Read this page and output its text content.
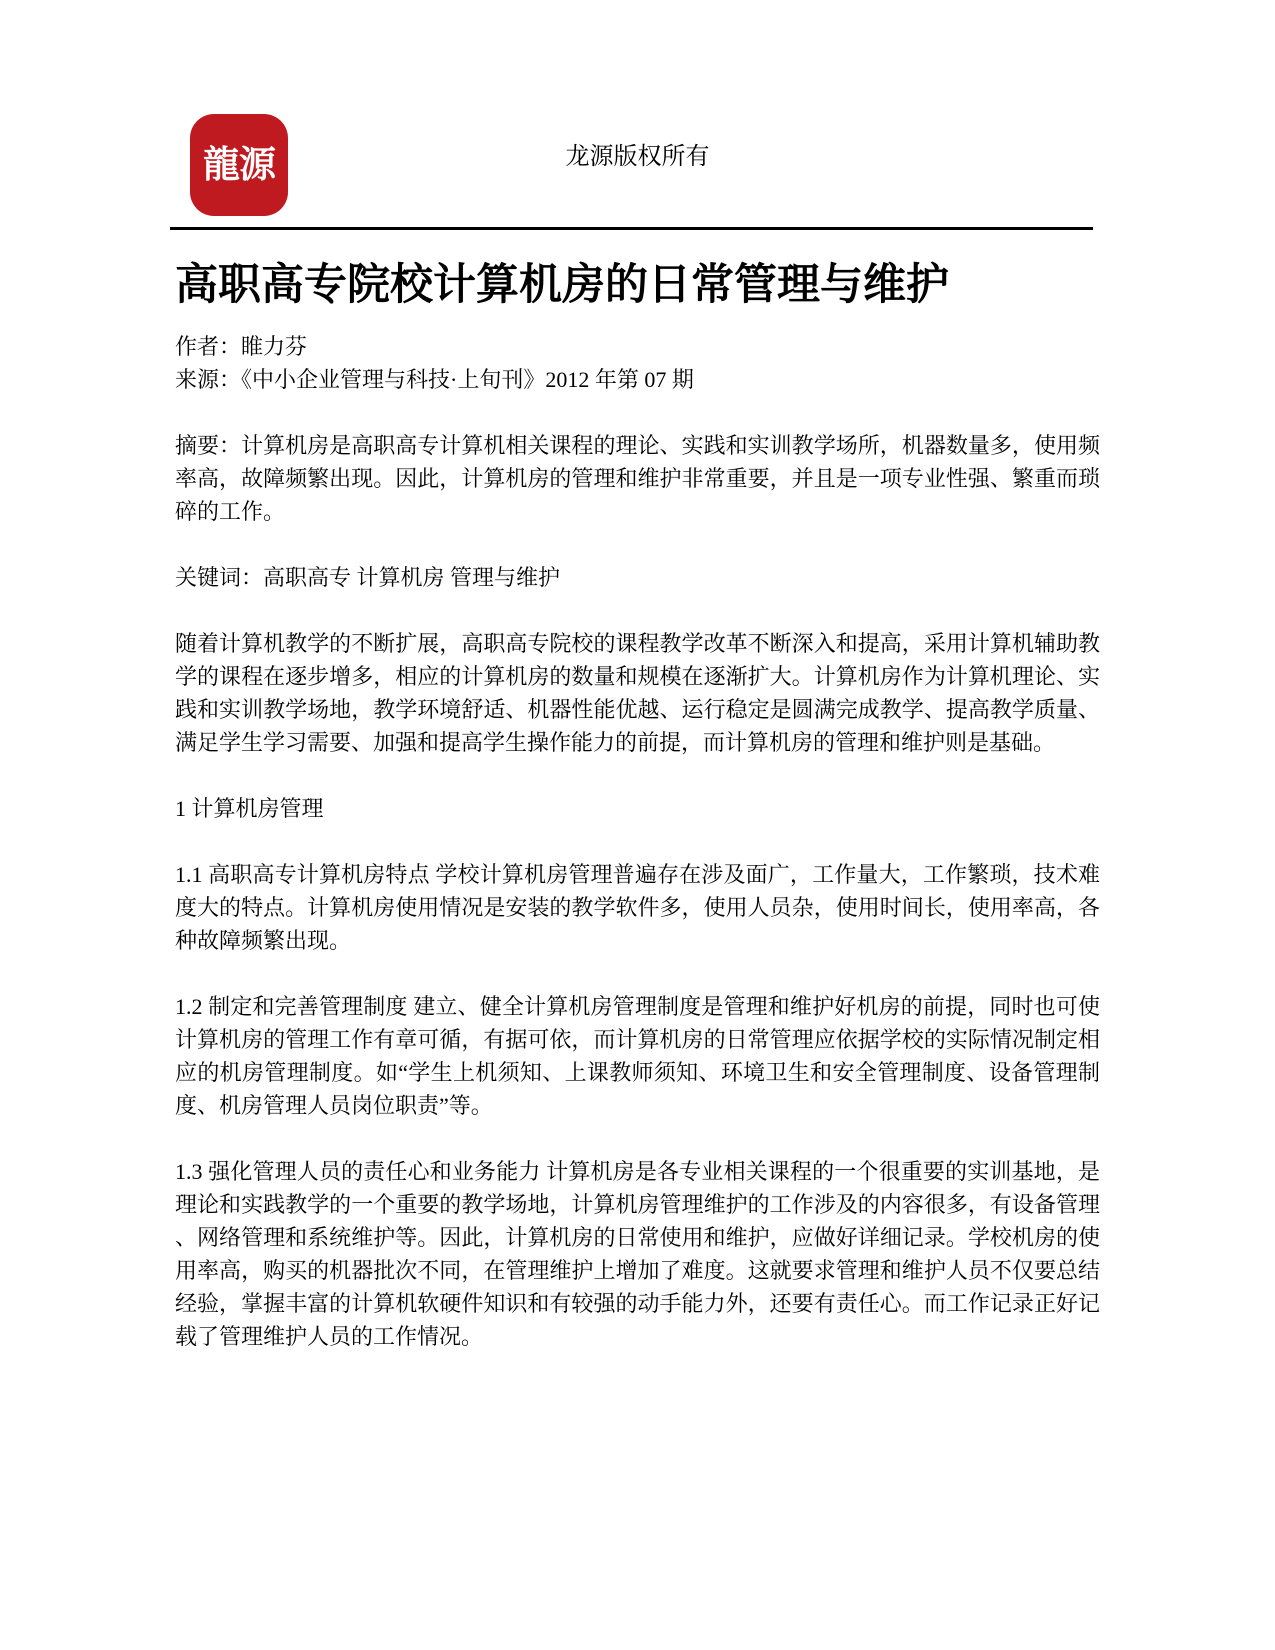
龍源	龙源版权所有
高职高专院校计算机房的日常管理与维护

作者：睢力芬

来源：《中小企业管理与科技·上旬刊》2012 年第 07 期

摘要：计算机房是高职高专计算机相关课程的理论、实践和实训教学场所，机器数量多，使用频率高，故障频繁出现。因此，计算机房的管理和维护非常重要，并且是一项专业性强、繁重而琐碎的工作。

关键词：高职高专 计算机房 管理与维护

随着计算机教学的不断扩展，高职高专院校的课程教学改革不断深入和提高，采用计算机辅助教学的课程在逐步增多，相应的计算机房的数量和规模在逐渐扩大。计算机房作为计算机理论、实践和实训教学场地，教学环境舒适、机器性能优越、运行稳定是圆满完成教学、提高教学质量、满足学生学习需要、加强和提高学生操作能力的前提，而计算机房的管理和维护则是基础。

1 计算机房管理

1.1 高职高专计算机房特点 学校计算机房管理普遍存在涉及面广，工作量大，工作繁琐，技术难度大的特点。计算机房使用情况是安装的教学软件多，使用人员杂，使用时间长，使用率高，各种故障频繁出现。

1.2 制定和完善管理制度 建立、健全计算机房管理制度是管理和维护好机房的前提，同时也可使计算机房的管理工作有章可循，有据可依，而计算机房的日常管理应依据学校的实际情况制定相应的机房管理制度。如“学生上机须知、上课教师须知、环境卫生和安全管理制度、设备管理制度、机房管理人员岗位职责”等。

1.3 强化管理人员的责任心和业务能力 计算机房是各专业相关课程的一个很重要的实训基地，是理论和实践教学的一个重要的教学场地，计算机房管理维护的工作涉及的内容很多，有设备管理、网络管理和系统维护等。因此，计算机房的日常使用和维护，应做好详细记录。学校机房的使用率高，购买的机器批次不同，在管理维护上增加了难度。这就要求管理和维护人员不仅要总结经验，掌握丰富的计算机软硬件知识和有较强的动手能力外，还要有责任心。而工作记录正好记载了管理维护人员的工作情况。
